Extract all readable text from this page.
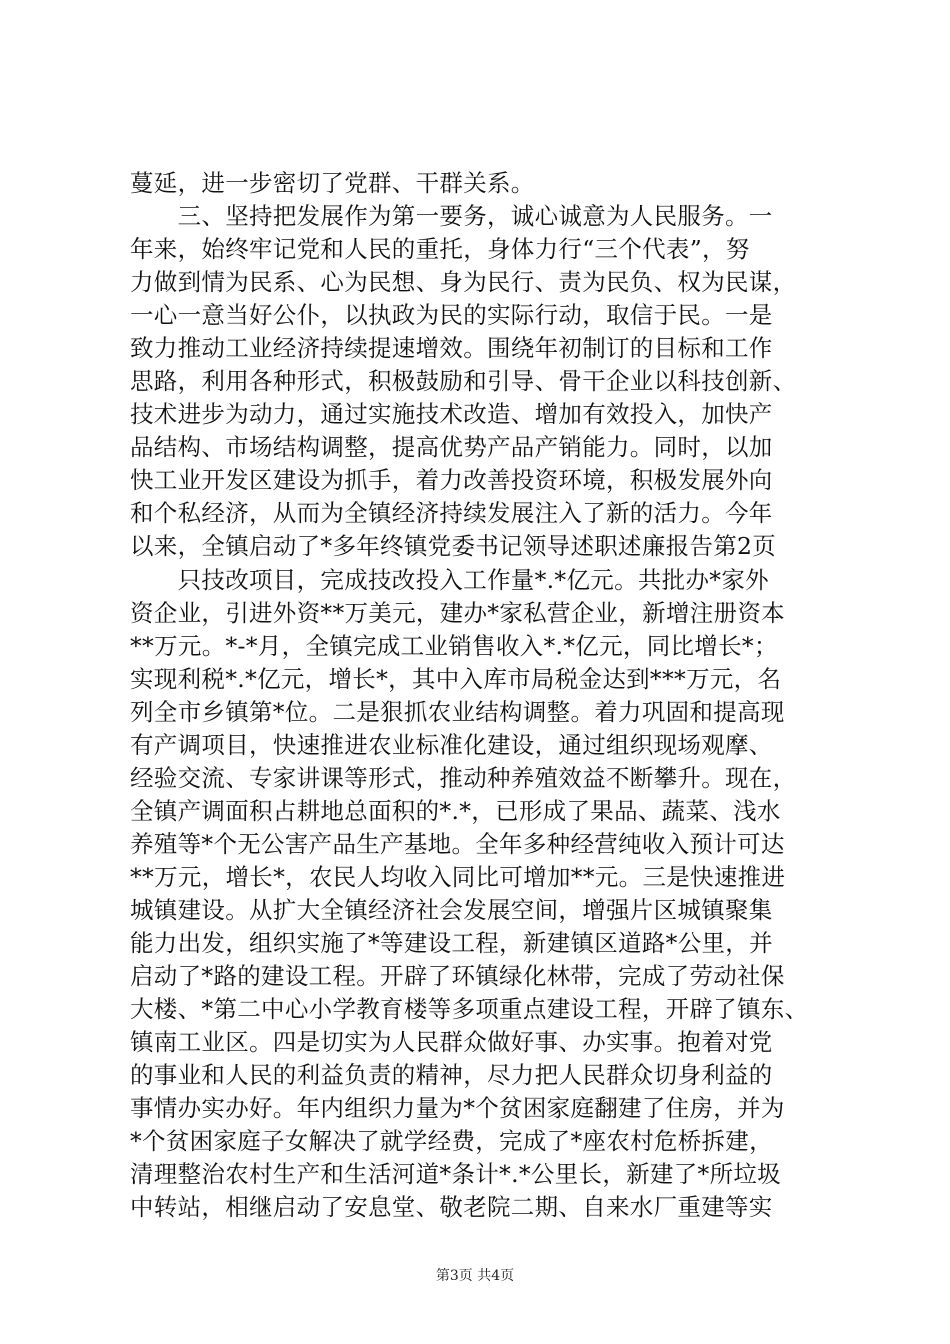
蔓延，进一步密切了党群、干群关系。
　　三、坚持把发展作为第一要务，诚心诚意为人民服务。一
年来，始终牢记党和人民的重托，身体力行“三个代表”，努
力做到情为民系、心为民想、身为民行、责为民负、权为民谋，
一心一意当好公仆，以执政为民的实际行动，取信于民。一是
致力推动工业经济持续提速增效。围绕年初制订的目标和工作
思路，利用各种形式，积极鼓励和引导、骨干企业以科技创新、
技术进步为动力，通过实施技术改造、增加有效投入，加快产
品结构、市场结构调整，提高优势产品产销能力。同时，以加
快工业开发区建设为抓手，着力改善投资环境，积极发展外向
和个私经济，从而为全镇经济持续发展注入了新的活力。今年
以来，全镇启动了*多年终镇党委书记领导述职述廉报告第2页
　　只技改项目，完成技改投入工作量*.*亿元。共批办*家外
资企业，引进外资**万美元，建办*家私营企业，新增注册资本
**万元。*-*月，全镇完成工业销售收入*.*亿元，同比增长*；
实现利税*.*亿元，增长*，其中入库市局税金达到***万元，名
列全市乡镇第*位。二是狠抓农业结构调整。着力巩固和提高现
有产调项目，快速推进农业标准化建设，通过组织现场观摩、
经验交流、专家讲课等形式，推动种养殖效益不断攀升。现在，
全镇产调面积占耕地总面积的*.*，已形成了果品、蔬菜、浅水
养殖等*个无公害产品生产基地。全年多种经营纯收入预计可达
**万元，增长*，农民人均收入同比可增加**元。三是快速推进
城镇建设。从扩大全镇经济社会发展空间，增强片区城镇聚集
能力出发，组织实施了*等建设工程，新建镇区道路*公里，并
启动了*路的建设工程。开辟了环镇绿化林带，完成了劳动社保
大楼、*第二中心小学教育楼等多项重点建设工程，开辟了镇东、
镇南工业区。四是切实为人民群众做好事、办实事。抱着对党
的事业和人民的利益负责的精神，尽力把人民群众切身利益的
事情办实办好。年内组织力量为*个贫困家庭翻建了住房，并为
*个贫困家庭子女解决了就学经费，完成了*座农村危桥拆建，
清理整治农村生产和生活河道*条计*.*公里长，新建了*所垃圾
中转站，相继启动了安息堂、敬老院二期、自来水厂重建等实
第3页 共4页
